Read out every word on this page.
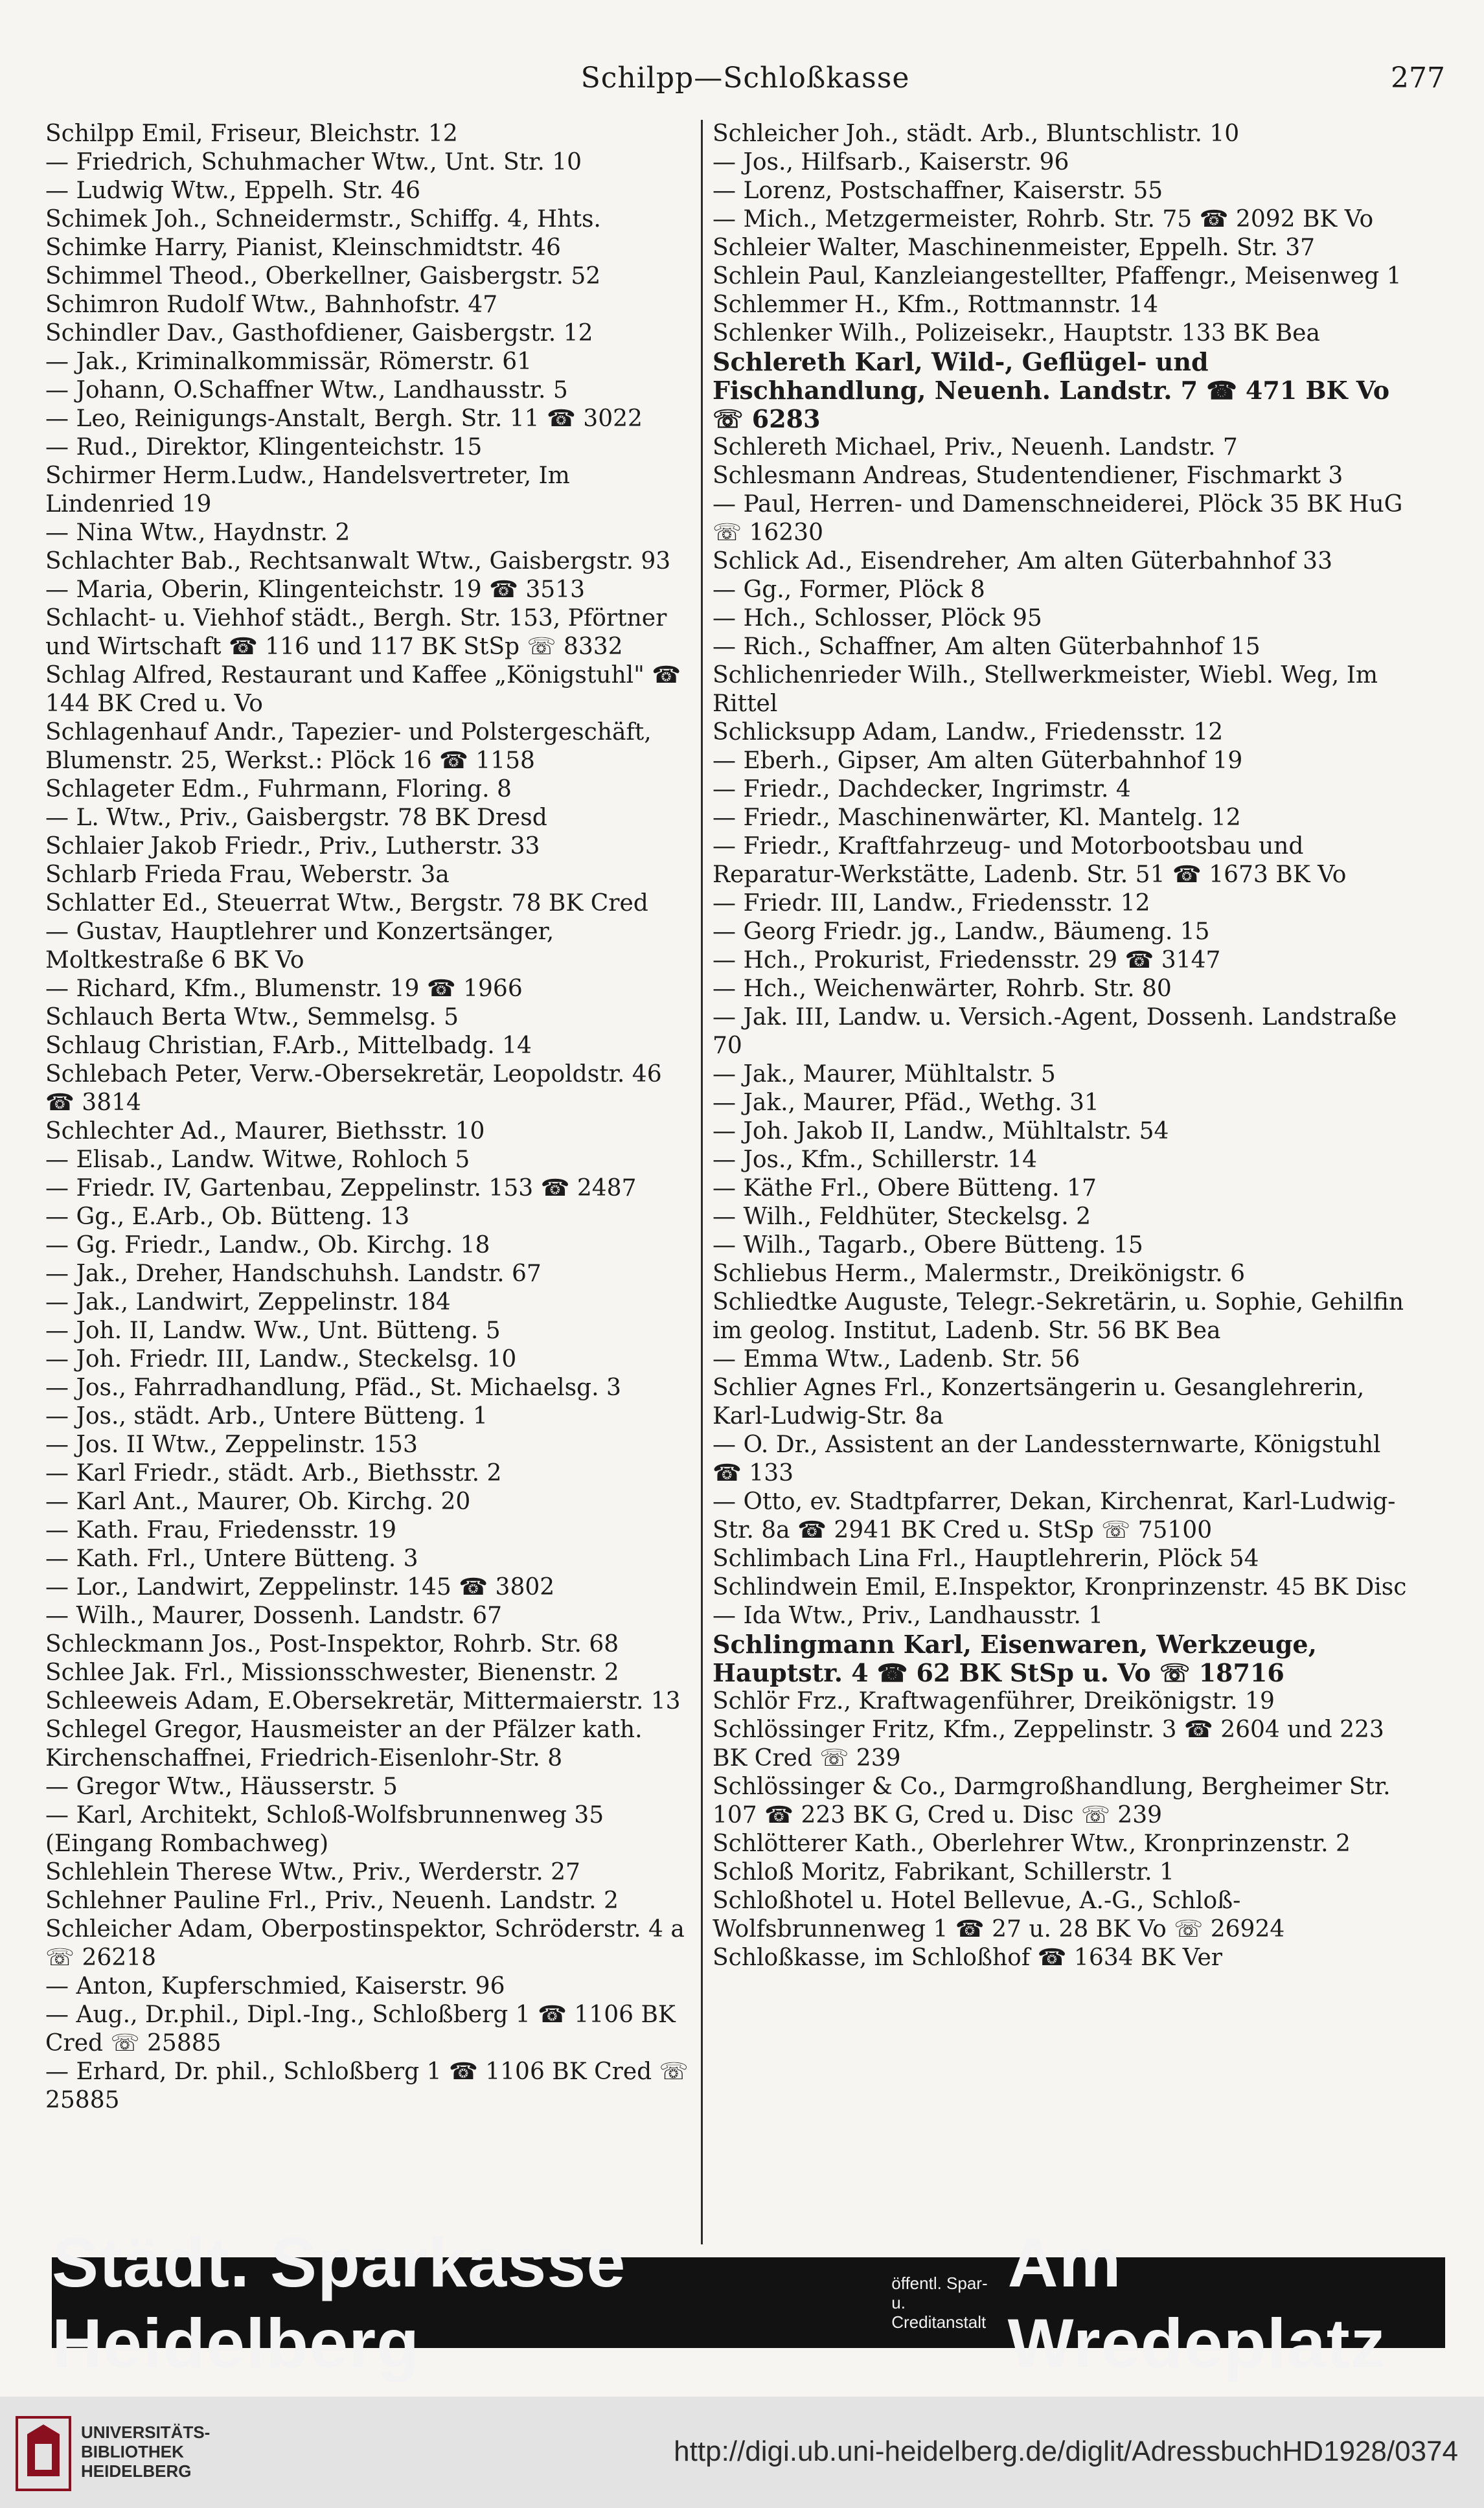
Schilpp—Schloßkasse	277

Schilpp Emil, Friseur, Bleichstr. 12

— Friedrich, Schuhmacher Wtw., Unt. Str. 10

— Ludwig Wtw., Eppelh. Str. 46

Schimek Joh., Schneidermstr., Schiffg. 4, Hhts.

Schimke Harry, Pianist, Kleinschmidtstr. 46

Schimmel Theod., Oberkellner, Gaisbergstr. 52

Schimron Rudolf Wtw., Bahnhofstr. 47

Schindler Dav., Gasthofdiener, Gaisbergstr. 12

— Jak., Kriminalkommissär, Römerstr. 61

— Johann, O.Schaffner Wtw., Landhausstr. 5

— Leo, Reinigungs-Anstalt, Bergh. Str. 11 ☎ 3022

— Rud., Direktor, Klingenteichstr. 15

Schirmer Herm.Ludw., Handelsvertreter, Im Lindenried 19

— Nina Wtw., Haydnstr. 2

Schlachter Bab., Rechtsanwalt Wtw., Gaisbergstr. 93

— Maria, Oberin, Klingenteichstr. 19 ☎ 3513

Schlacht- u. Viehhof städt., Bergh. Str. 153, Pförtner und Wirtschaft ☎ 116 und 117 BK StSp ☏ 8332

Schlag Alfred, Restaurant und Kaffee „Königstuhl" ☎ 144 BK Cred u. Vo

Schlagenhauf Andr., Tapezier- und Polstergeschäft, Blumenstr. 25, Werkst.: Plöck 16 ☎ 1158

Schlageter Edm., Fuhrmann, Floring. 8

— L. Wtw., Priv., Gaisbergstr. 78 BK Dresd

Schlaier Jakob Friedr., Priv., Lutherstr. 33

Schlarb Frieda Frau, Weberstr. 3a

Schlatter Ed., Steuerrat Wtw., Bergstr. 78 BK Cred

— Gustav, Hauptlehrer und Konzertsänger, Moltkestraße 6 BK Vo

— Richard, Kfm., Blumenstr. 19 ☎ 1966

Schlauch Berta Wtw., Semmelsg. 5

Schlaug Christian, F.Arb., Mittelbadg. 14

Schlebach Peter, Verw.-Obersekretär, Leopoldstr. 46 ☎ 3814

Schlechter Ad., Maurer, Biethsstr. 10

— Elisab., Landw. Witwe, Rohloch 5

— Friedr. IV, Gartenbau, Zeppelinstr. 153 ☎ 2487

— Gg., E.Arb., Ob. Bütteng. 13

— Gg. Friedr., Landw., Ob. Kirchg. 18

— Jak., Dreher, Handschuhsh. Landstr. 67

— Jak., Landwirt, Zeppelinstr. 184

— Joh. II, Landw. Ww., Unt. Bütteng. 5

— Joh. Friedr. III, Landw., Steckelsg. 10

— Jos., Fahrradhandlung, Pfäd., St. Michaelsg. 3

— Jos., städt. Arb., Untere Bütteng. 1

— Jos. II Wtw., Zeppelinstr. 153

— Karl Friedr., städt. Arb., Biethsstr. 2

— Karl Ant., Maurer, Ob. Kirchg. 20

— Kath. Frau, Friedensstr. 19

— Kath. Frl., Untere Bütteng. 3

— Lor., Landwirt, Zeppelinstr. 145 ☎ 3802

— Wilh., Maurer, Dossenh. Landstr. 67

Schleckmann Jos., Post-Inspektor, Rohrb. Str. 68

Schlee Jak. Frl., Missionsschwester, Bienenstr. 2

Schleeweis Adam, E.Obersekretär, Mittermaierstr. 13

Schlegel Gregor, Hausmeister an der Pfälzer kath. Kirchenschaffnei, Friedrich-Eisenlohr-Str. 8

— Gregor Wtw., Häusserstr. 5

— Karl, Architekt, Schloß-Wolfsbrunnenweg 35 (Eingang Rombachweg)

Schlehlein Therese Wtw., Priv., Werderstr. 27

Schlehner Pauline Frl., Priv., Neuenh. Landstr. 2

Schleicher Adam, Oberpostinspektor, Schröderstr. 4 a ☏ 26218

— Anton, Kupferschmied, Kaiserstr. 96

— Aug., Dr.phil., Dipl.-Ing., Schloßberg 1 ☎ 1106 BK Cred ☏ 25885

— Erhard, Dr. phil., Schloßberg 1 ☎ 1106 BK Cred ☏ 25885

Schleicher Joh., städt. Arb., Bluntschlistr. 10

— Jos., Hilfsarb., Kaiserstr. 96

— Lorenz, Postschaffner, Kaiserstr. 55

— Mich., Metzgermeister, Rohrb. Str. 75 ☎ 2092 BK Vo

Schleier Walter, Maschinenmeister, Eppelh. Str. 37

Schlein Paul, Kanzleiangestellter, Pfaffengr., Meisenweg 1

Schlemmer H., Kfm., Rottmannstr. 14

Schlenker Wilh., Polizeisekr., Hauptstr. 133 BK Bea

Schlereth Karl, Wild-, Geflügel- und Fischhandlung, Neuenh. Landstr. 7 ☎ 471 BK Vo ☏ 6283

Schlereth Michael, Priv., Neuenh. Landstr. 7

Schlesmann Andreas, Studentendiener, Fischmarkt 3

— Paul, Herren- und Damenschneiderei, Plöck 35 BK HuG ☏ 16230

Schlick Ad., Eisendreher, Am alten Güterbahnhof 33

— Gg., Former, Plöck 8

— Hch., Schlosser, Plöck 95

— Rich., Schaffner, Am alten Güterbahnhof 15

Schlichenrieder Wilh., Stellwerkmeister, Wiebl. Weg, Im Rittel

Schlicksupp Adam, Landw., Friedensstr. 12

— Eberh., Gipser, Am alten Güterbahnhof 19

— Friedr., Dachdecker, Ingrimstr. 4

— Friedr., Maschinenwärter, Kl. Mantelg. 12

— Friedr., Kraftfahrzeug- und Motorbootsbau und Reparatur-Werkstätte, Ladenb. Str. 51 ☎ 1673 BK Vo

— Friedr. III, Landw., Friedensstr. 12

— Georg Friedr. jg., Landw., Bäumeng. 15

— Hch., Prokurist, Friedensstr. 29 ☎ 3147

— Hch., Weichenwärter, Rohrb. Str. 80

— Jak. III, Landw. u. Versich.-Agent, Dossenh. Landstraße 70

— Jak., Maurer, Mühltalstr. 5

— Jak., Maurer, Pfäd., Wethg. 31

— Joh. Jakob II, Landw., Mühltalstr. 54

— Jos., Kfm., Schillerstr. 14

— Käthe Frl., Obere Bütteng. 17

— Wilh., Feldhüter, Steckelsg. 2

— Wilh., Tagarb., Obere Bütteng. 15

Schliebus Herm., Malermstr., Dreikönigstr. 6

Schliedtke Auguste, Telegr.-Sekretärin, u. Sophie, Gehilfin im geolog. Institut, Ladenb. Str. 56 BK Bea

— Emma Wtw., Ladenb. Str. 56

Schlier Agnes Frl., Konzertsängerin u. Gesanglehrerin, Karl-Ludwig-Str. 8a

— O. Dr., Assistent an der Landessternwarte, Königstuhl ☎ 133

— Otto, ev. Stadtpfarrer, Dekan, Kirchenrat, Karl-Ludwig-Str. 8a ☎ 2941 BK Cred u. StSp ☏ 75100

Schlimbach Lina Frl., Hauptlehrerin, Plöck 54

Schlindwein Emil, E.Inspektor, Kronprinzenstr. 45 BK Disc

— Ida Wtw., Priv., Landhausstr. 1

Schlingmann Karl, Eisenwaren, Werkzeuge, Hauptstr. 4 ☎ 62 BK StSp u. Vo ☏ 18716

Schlör Frz., Kraftwagenführer, Dreikönigstr. 19

Schlössinger Fritz, Kfm., Zeppelinstr. 3 ☎ 2604 und 223 BK Cred ☏ 239

Schlössinger & Co., Darmgroßhandlung, Bergheimer Str. 107 ☎ 223 BK G, Cred u. Disc ☏ 239

Schlötterer Kath., Oberlehrer Wtw., Kronprinzenstr. 2

Schloß Moritz, Fabrikant, Schillerstr. 1

Schloßhotel u. Hotel Bellevue, A.-G., Schloß-Wolfsbrunnenweg 1 ☎ 27 u. 28 BK Vo ☏ 26924

Schloßkasse, im Schloßhof ☎ 1634 BK Ver

Städt. Sparkasse Heidelberg
öffentl. Spar- u.
Creditanstalt
Am Wredeplatz
UNIVERSITÄTS-
BIBLIOTHEK
HEIDELBERG
http://digi.ub.uni-heidelberg.de/diglit/AdressbuchHD1928/0374
